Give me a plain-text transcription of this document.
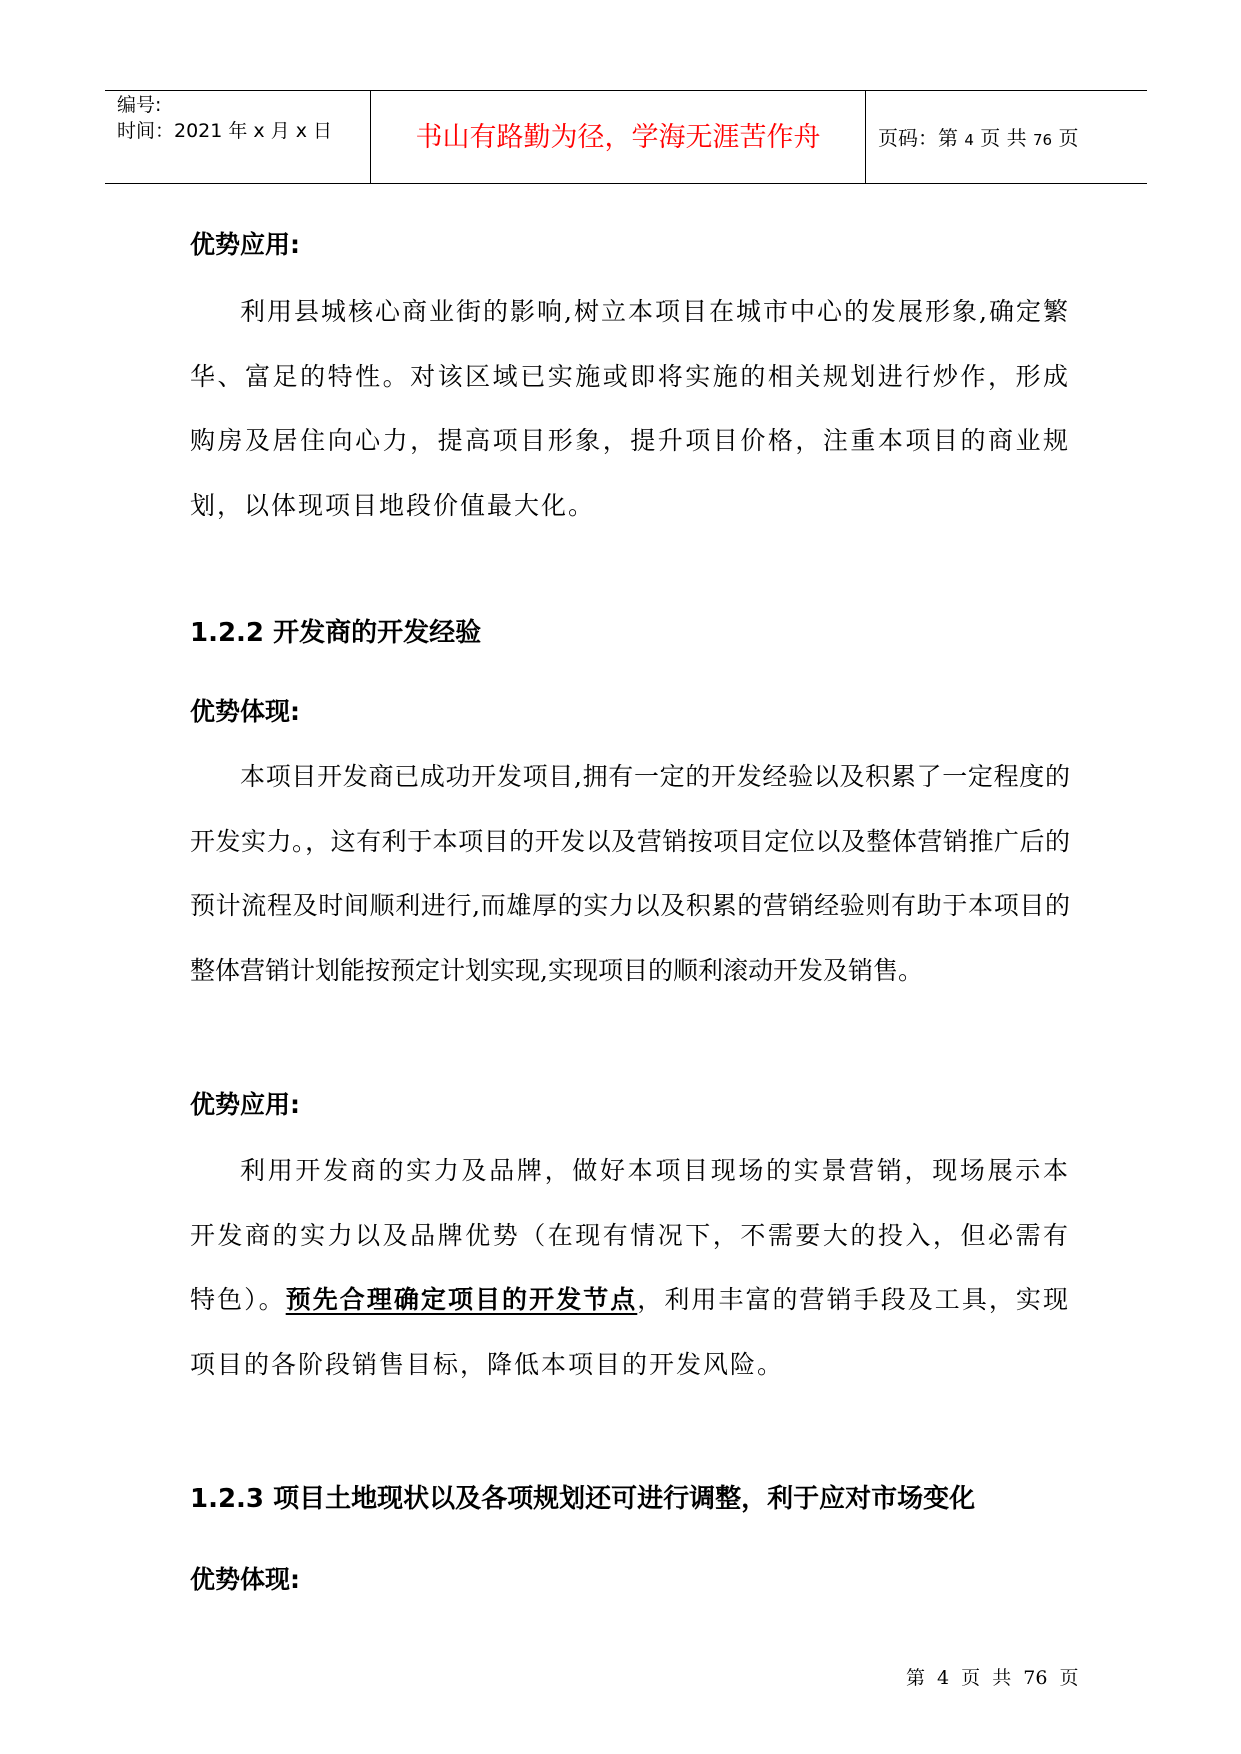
编号:
时间：2021 年 x 月 x 日	书山有路勤为径，学海无涯苦作舟	页码：第 4 页 共 76 页
优势应用:

利用县城核心商业街的影响,树立本项目在城市中心的发展形象,确定繁华、富足的特性。对该区域已实施或即将实施的相关规划进行炒作，形成购房及居住向心力，提高项目形象，提升项目价格，注重本项目的商业规划，以体现项目地段价值最大化。

1.2.2 开发商的开发经验
优势体现:

本项目开发商已成功开发项目,拥有一定的开发经验以及积累了一定程度的开发实力。，这有利于本项目的开发以及营销按项目定位以及整体营销推广后的预计流程及时间顺利进行,而雄厚的实力以及积累的营销经验则有助于本项目的整体营销计划能按预定计划实现,实现项目的顺利滚动开发及销售。

优势应用:

利用开发商的实力及品牌，做好本项目现场的实景营销，现场展示本开发商的实力以及品牌优势（在现有情况下，不需要大的投入，但必需有特色）。预先合理确定项目的开发节点，利用丰富的营销手段及工具，实现项目的各阶段销售目标，降低本项目的开发风险。

1.2.3 项目土地现状以及各项规划还可进行调整，利于应对市场变化
优势体现:
第 4 页 共 76 页
